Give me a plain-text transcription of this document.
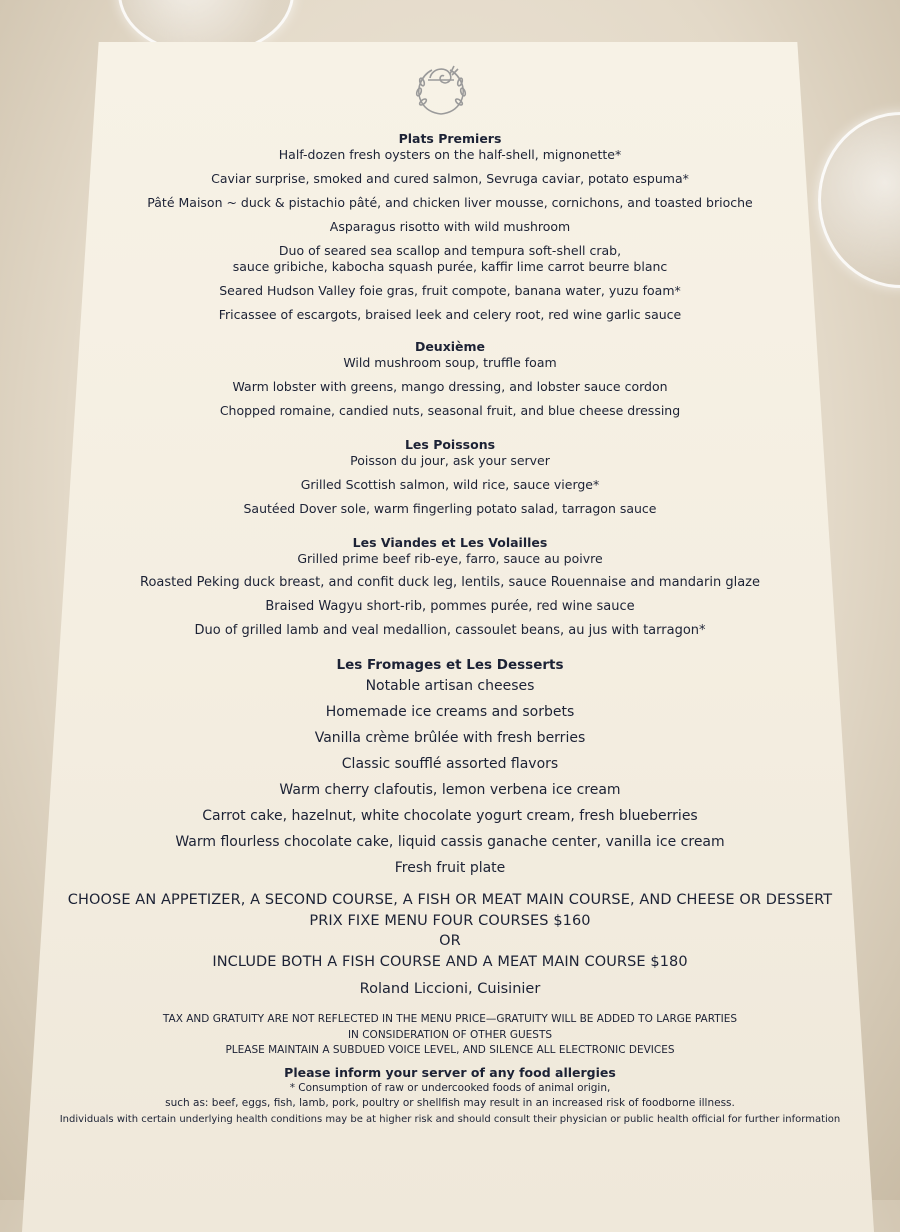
Plats Premiers
Half-dozen fresh oysters on the half-shell, mignonette*
Caviar surprise, smoked and cured salmon, Sevruga caviar, potato espuma*
Pâté Maison ~ duck & pistachio pâté, and chicken liver mousse, cornichons, and toasted brioche
Asparagus risotto with wild mushroom
Duo of seared sea scallop and tempura soft-shell crab,
sauce gribiche, kabocha squash purée, kaffir lime carrot beurre blanc
Seared Hudson Valley foie gras, fruit compote, banana water, yuzu foam*
Fricassee of escargots, braised leek and celery root, red wine garlic sauce
Deuxième
Wild mushroom soup, truffle foam
Warm lobster with greens, mango dressing, and lobster sauce cordon
Chopped romaine, candied nuts, seasonal fruit, and blue cheese dressing
Les Poissons
Poisson du jour, ask your server
Grilled Scottish salmon, wild rice, sauce vierge*
Sautéed Dover sole, warm fingerling potato salad, tarragon sauce
Les Viandes et Les Volailles
Grilled prime beef rib-eye, farro, sauce au poivre
Roasted Peking duck breast, and confit duck leg, lentils, sauce Rouennaise and mandarin glaze
Braised Wagyu short-rib, pommes purée, red wine sauce
Duo of grilled lamb and veal medallion, cassoulet beans, au jus with tarragon*
Les Fromages et Les Desserts
Notable artisan cheeses
Homemade ice creams and sorbets
Vanilla crème brûlée with fresh berries
Classic soufflé assorted flavors
Warm cherry clafoutis, lemon verbena ice cream
Carrot cake, hazelnut, white chocolate yogurt cream, fresh blueberries
Warm flourless chocolate cake, liquid cassis ganache center, vanilla ice cream
Fresh fruit plate
CHOOSE AN APPETIZER, A SECOND COURSE, A FISH OR MEAT MAIN COURSE, AND CHEESE OR DESSERT
PRIX FIXE MENU FOUR COURSES $160
OR
INCLUDE BOTH A FISH COURSE AND A MEAT MAIN COURSE $180
Roland Liccioni, Cuisinier
TAX AND GRATUITY ARE NOT REFLECTED IN THE MENU PRICE—GRATUITY WILL BE ADDED TO LARGE PARTIES
IN CONSIDERATION OF OTHER GUESTS
PLEASE MAINTAIN A SUBDUED VOICE LEVEL, AND SILENCE ALL ELECTRONIC DEVICES
Please inform your server of any food allergies
* Consumption of raw or undercooked foods of animal origin,
such as: beef, eggs, fish, lamb, pork, poultry or shellfish may result in an increased risk of foodborne illness.
Individuals with certain underlying health conditions may be at higher risk and should consult their physician or public health official for further information
